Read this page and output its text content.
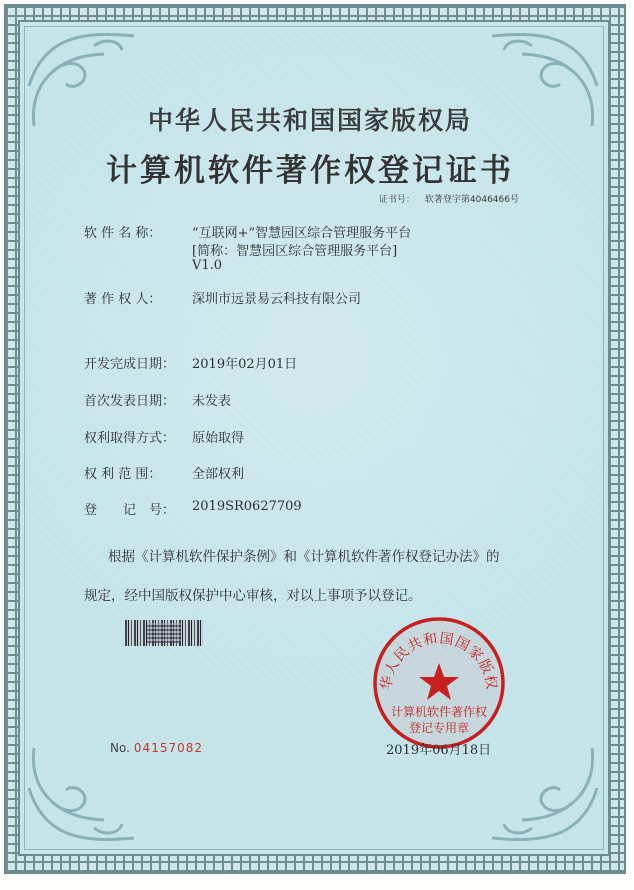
中华人民共和国国家版权局
计算机软件著作权登记证书
证书号： 软著登字第4046466号
软 件 名 称：	“互联网+”智慧园区综合管理服务平台
[简称：智慧园区综合管理服务平台]
V1.0
著 作 权 人：	深圳市远景易云科技有限公司
开发完成日期：	2019年02月01日
首次发表日期：	未发表
权利取得方式：	原始取得
权 利 范 围：	全部权利
登　　记　号：	2019SR0627709
根据《计算机软件保护条例》和《计算机软件著作权登记办法》的
规定，经中国版权保护中心审核，对以上事项予以登记。
华人民共和国国家版权
计算机软件著作权
登记专用章
No. 04157082	2019年06月18日
